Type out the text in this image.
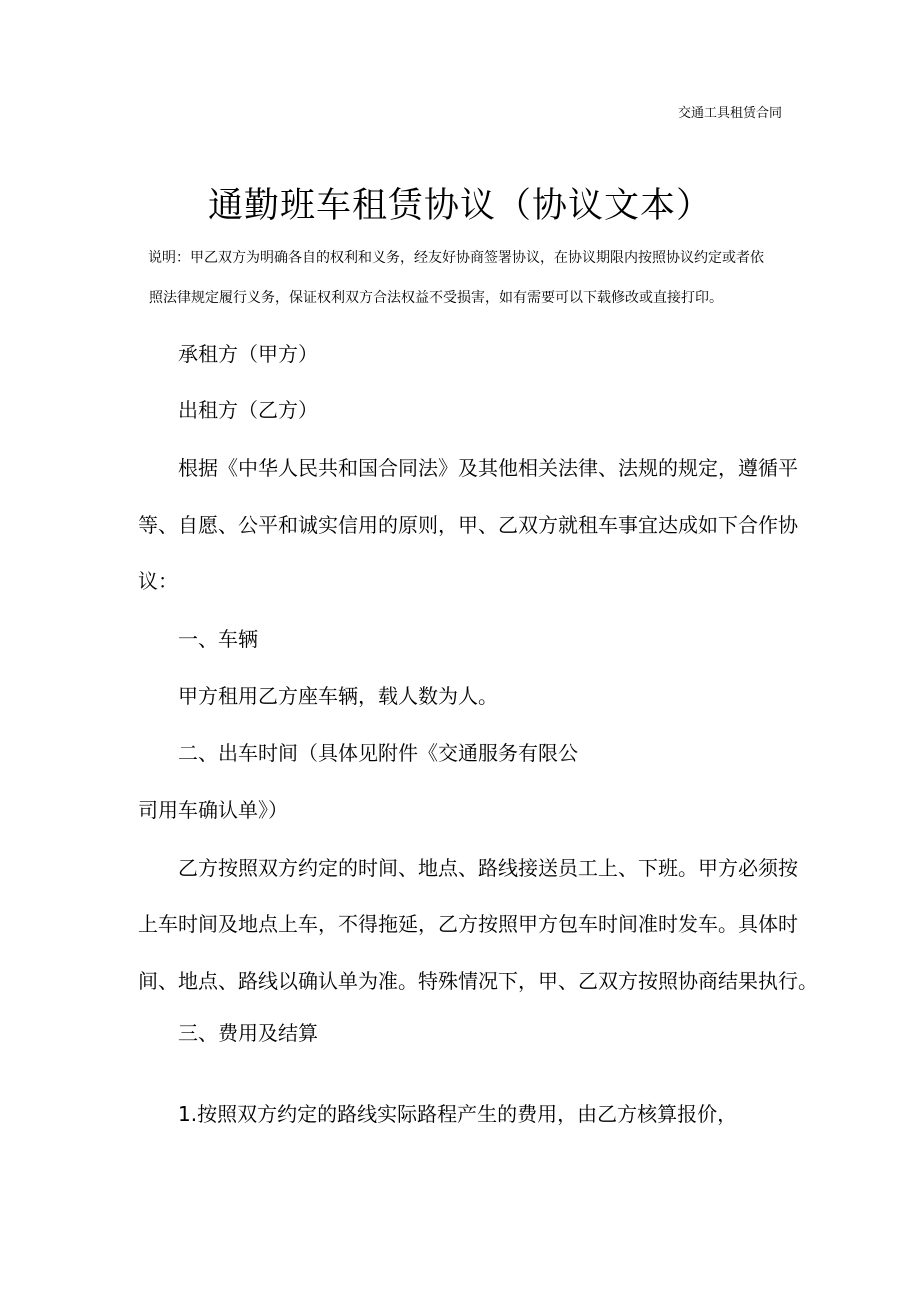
交通工具租赁合同
通勤班车租赁协议（协议文本）
说明：甲乙双方为明确各自的权利和义务，经友好协商签署协议，在协议期限内按照协议约定或者依
照法律规定履行义务，保证权利双方合法权益不受损害，如有需要可以下载修改或直接打印。
承租方（甲方）
出租方（乙方）
根据《中华人民共和国合同法》及其他相关法律、法规的规定，遵循平
等、自愿、公平和诚实信用的原则，甲、乙双方就租车事宜达成如下合作协
议：
一、车辆
甲方租用乙方座车辆，载人数为人。
二、出车时间（具体见附件《交通服务有限公
司用车确认单》）
乙方按照双方约定的时间、地点、路线接送员工上、下班。甲方必须按
上车时间及地点上车，不得拖延，乙方按照甲方包车时间准时发车。具体时
间、地点、路线以确认单为准。特殊情况下，甲、乙双方按照协商结果执行。
三、费用及结算
1.按照双方约定的路线实际路程产生的费用，由乙方核算报价，
